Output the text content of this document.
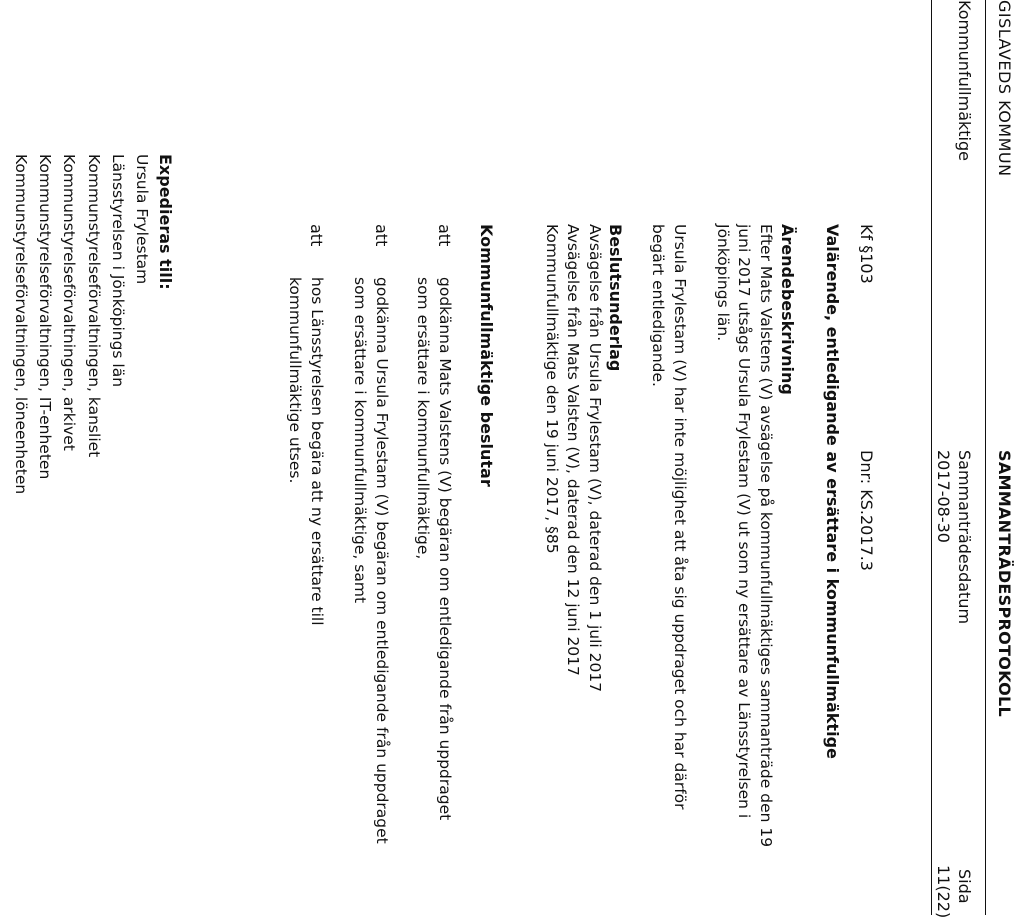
GISLAVEDS KOMMUN
SAMMANTRÄDESPROTOKOLL
Kommunfullmäktige
Sammanträdesdatum
2017-08-30
Sida
11(22)
Kf §103
Dnr: KS.2017.3
Valärende, entledigande av ersättare i kommunfullmäktige
Ärendebeskrivning
Efter Mats Valstens (V) avsägelse på kommunfullmäktiges sammanträde den 19
juni 2017 utsågs Ursula Frylestam (V) ut som ny ersättare av Länsstyrelsen i
Jönköpings län.
Ursula Frylestam (V) har inte möjlighet att åta sig uppdraget och har därför
begärt entledigande.
Beslutsunderlag
Avsägelse från Ursula Frylestam (V), daterad den 1 juli 2017
Avsägelse från Mats Valsten (V), daterad den 12 juni 2017
Kommunfullmäktige den 19 juni 2017, §85
Kommunfullmäktige beslutar
att
godkänna Mats Valstens (V) begäran om entledigande från uppdraget
som ersättare i kommunfullmäktige,
att
godkänna Ursula Frylestam (V) begäran om entledigande från uppdraget
som ersättare i kommunfullmäktige, samt
att
hos Länsstyrelsen begära att ny ersättare till
kommunfullmäktige utses.
Expedieras till:
Ursula Frylestam
Länsstyrelsen i Jönköpings län
Kommunstyrelseförvaltningen, kansliet
Kommunstyrelseförvaltningen, arkivet
Kommunstyrelseförvaltningen, IT-enheten
Kommunstyrelseförvaltningen, löneenheten
